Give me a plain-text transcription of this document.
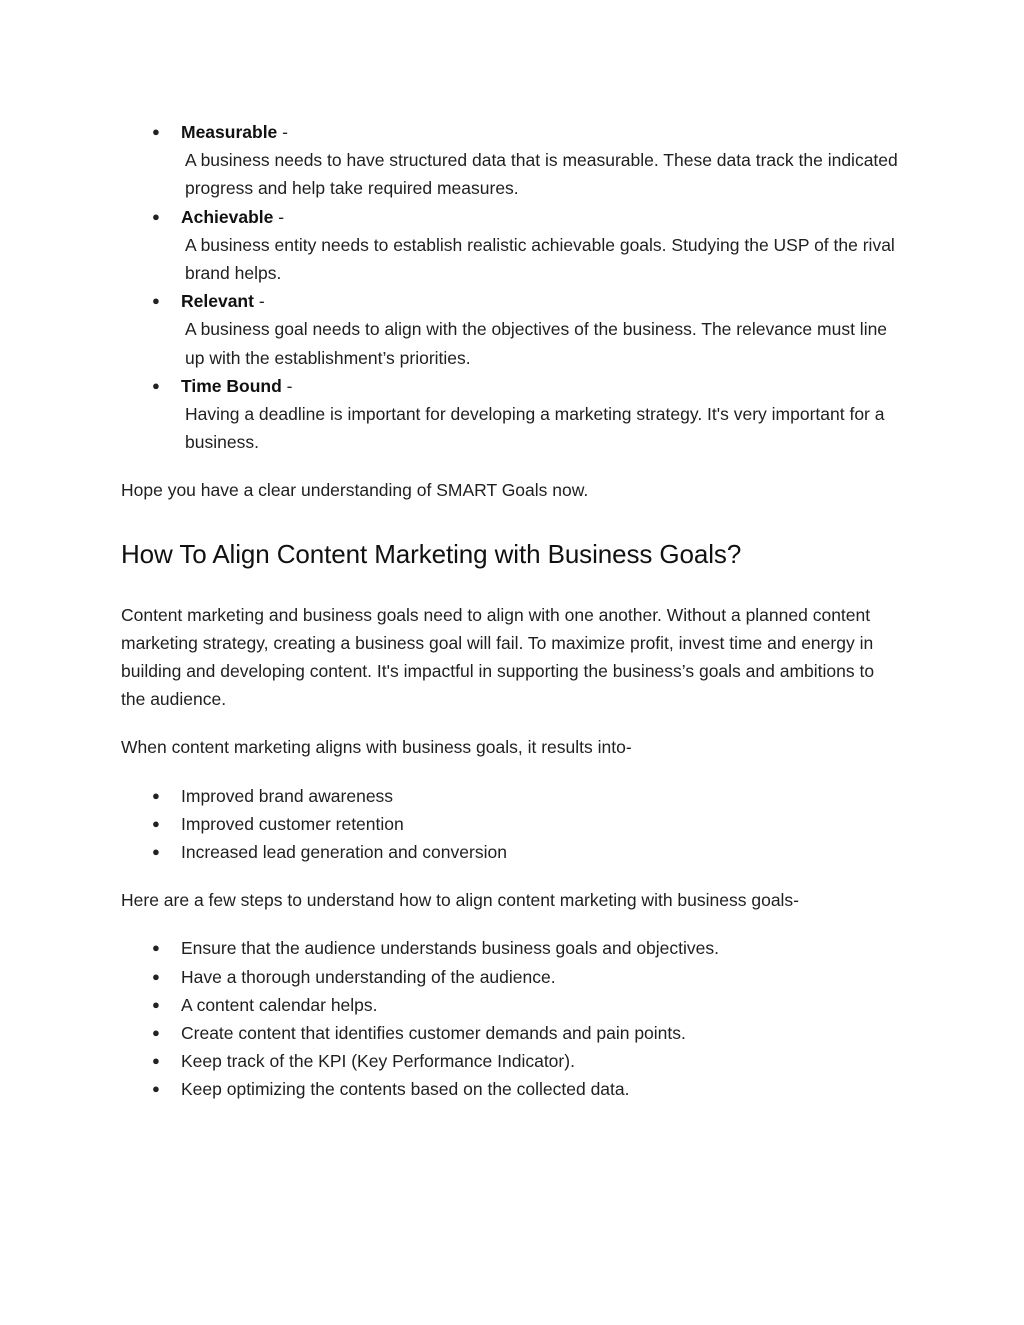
● Measurable -
A business needs to have structured data that is measurable. These data track the indicated progress and help take required measures.
● Achievable -
A business entity needs to establish realistic achievable goals. Studying the USP of the rival brand helps.
● Relevant -
A business goal needs to align with the objectives of the business. The relevance must line up with the establishment’s priorities.
● Time Bound -
Having a deadline is important for developing a marketing strategy. It's very important for a business.

Hope you have a clear understanding of SMART Goals now.

How To Align Content Marketing with Business Goals?

Content marketing and business goals need to align with one another. Without a planned content marketing strategy, creating a business goal will fail. To maximize profit, invest time and energy in building and developing content. It's impactful in supporting the business’s goals and ambitions to the audience.

When content marketing aligns with business goals, it results into-

● Improved brand awareness
● Improved customer retention
● Increased lead generation and conversion

Here are a few steps to understand how to align content marketing with business goals-

● Ensure that the audience understands business goals and objectives.
● Have a thorough understanding of the audience.
● A content calendar helps.
● Create content that identifies customer demands and pain points.
● Keep track of the KPI (Key Performance Indicator).
● Keep optimizing the contents based on the collected data.
